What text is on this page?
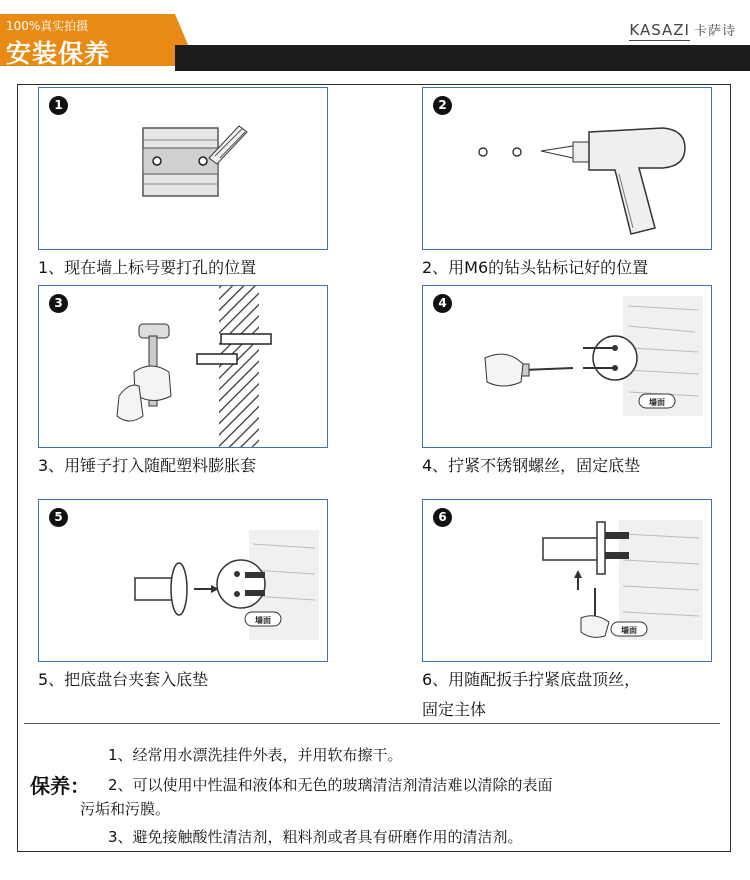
100%真实拍摄
安装保养
KASAZI 卡萨诗
1
1、现在墙上标号要打孔的位置
2
2、用M6的钻头钻标记好的位置
3
3、用锤子打入随配塑料膨胀套
墙面
4
4、拧紧不锈钢螺丝，固定底垫
墙面
5
5、把底盘台夹套入底垫
墙面
6
6、用随配扳手拧紧底盘顶丝，
固定主体
保养：
1、经常用水漂洗挂件外表，并用软布擦干。
2、可以使用中性温和液体和无色的玻璃清洁剂清洁难以清除的表面
污垢和污膜。
3、避免接触酸性清洁剂，粗料剂或者具有研磨作用的清洁剂。
